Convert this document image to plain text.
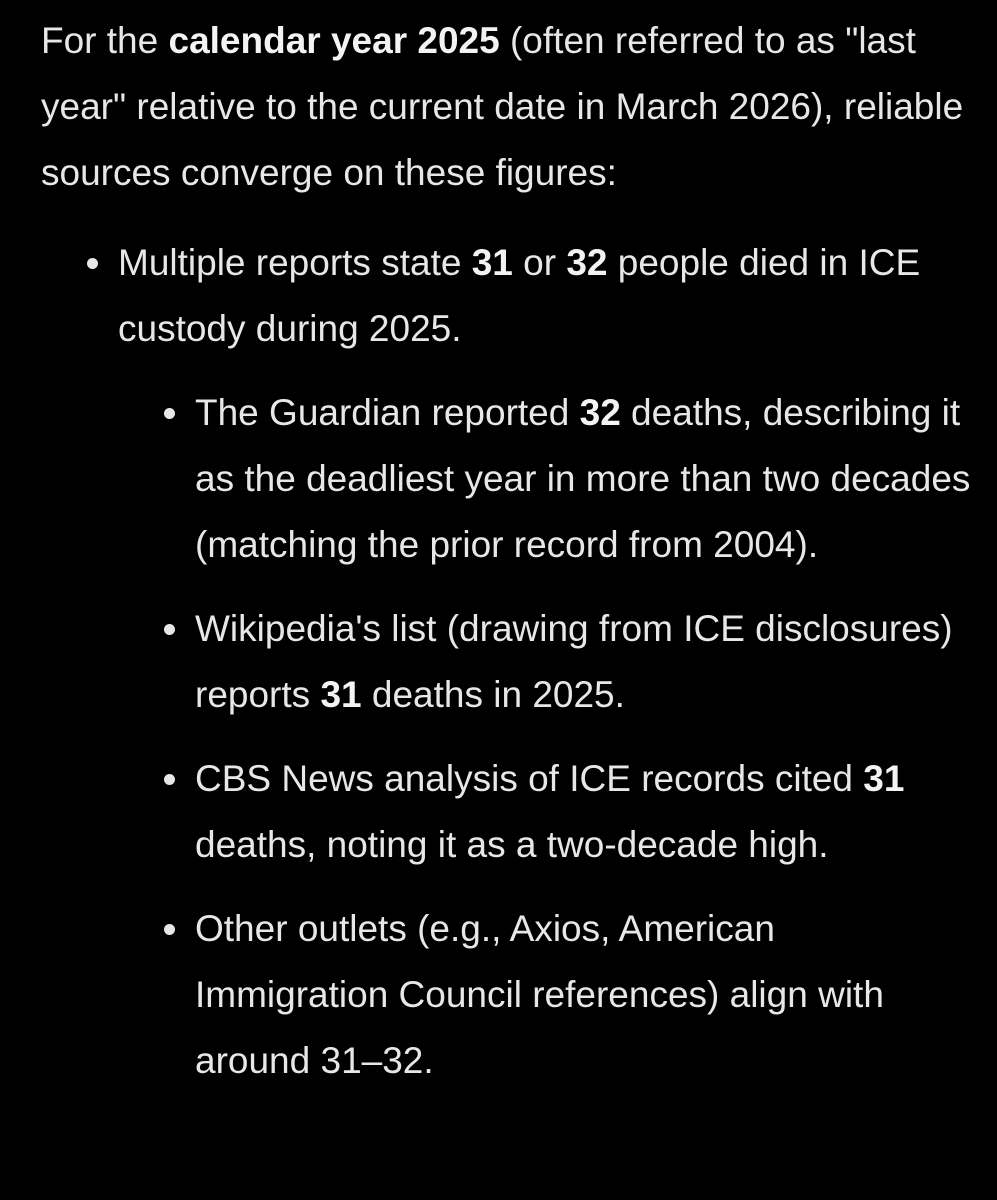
For the calendar year 2025 (often referred to as "last year" relative to the current date in March 2026), reliable sources converge on these figures:

Multiple reports state 31 or 32 people died in ICE custody during 2025.
The Guardian reported 32 deaths, describing it as the deadliest year in more than two decades (matching the prior record from 2004).
Wikipedia's list (drawing from ICE disclosures) reports 31 deaths in 2025.
CBS News analysis of ICE records cited 31 deaths, noting it as a two-decade high.
Other outlets (e.g., Axios, American Immigration Council references) align with around 31–32.
